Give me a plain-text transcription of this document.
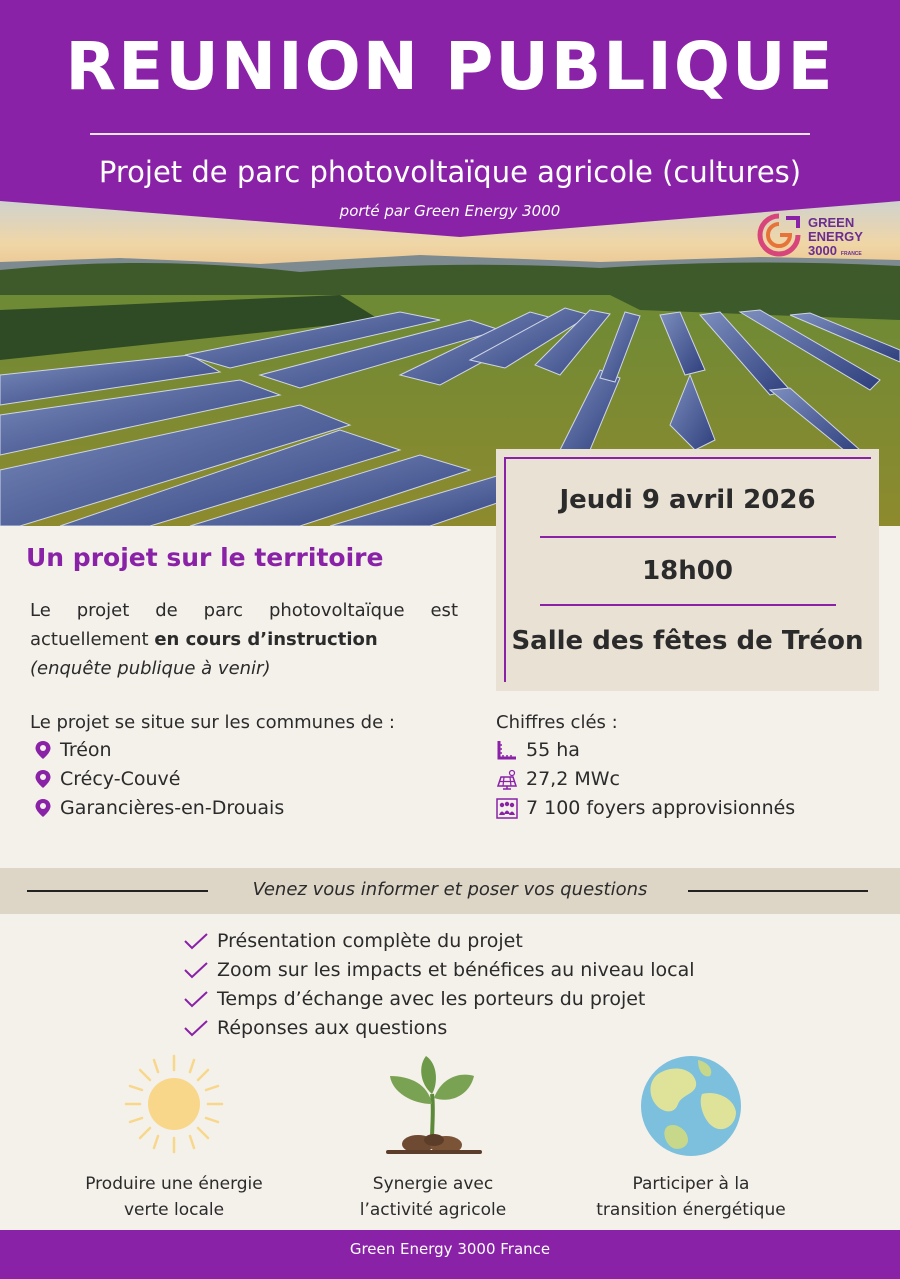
REUNION PUBLIQUE
Projet de parc photovoltaïque agricole (cultures)
porté par Green Energy 3000
GREEN
ENERGY
3000 FRANCE
Jeudi 9 avril 2026
18h00
Salle des fêtes de Tréon
Un projet sur le territoire
Le projet de parc photovoltaïque est actuellement en cours d’instruction
(enquête publique à venir)
Le projet se situe sur les communes de :
Tréon
Crécy-Couvé
Garancières-en-Drouais
Chiffres clés :
55 ha
27,2 MWc
7 100 foyers approvisionnés
Venez vous informer et poser vos questions
Présentation complète du projet
Zoom sur les impacts et bénéfices au niveau local
Temps d’échange avec les porteurs du projet
Réponses aux questions
Produire une énergie
verte locale
Synergie avec
l’activité agricole
Participer à la
transition énergétique
Green Energy 3000 France
